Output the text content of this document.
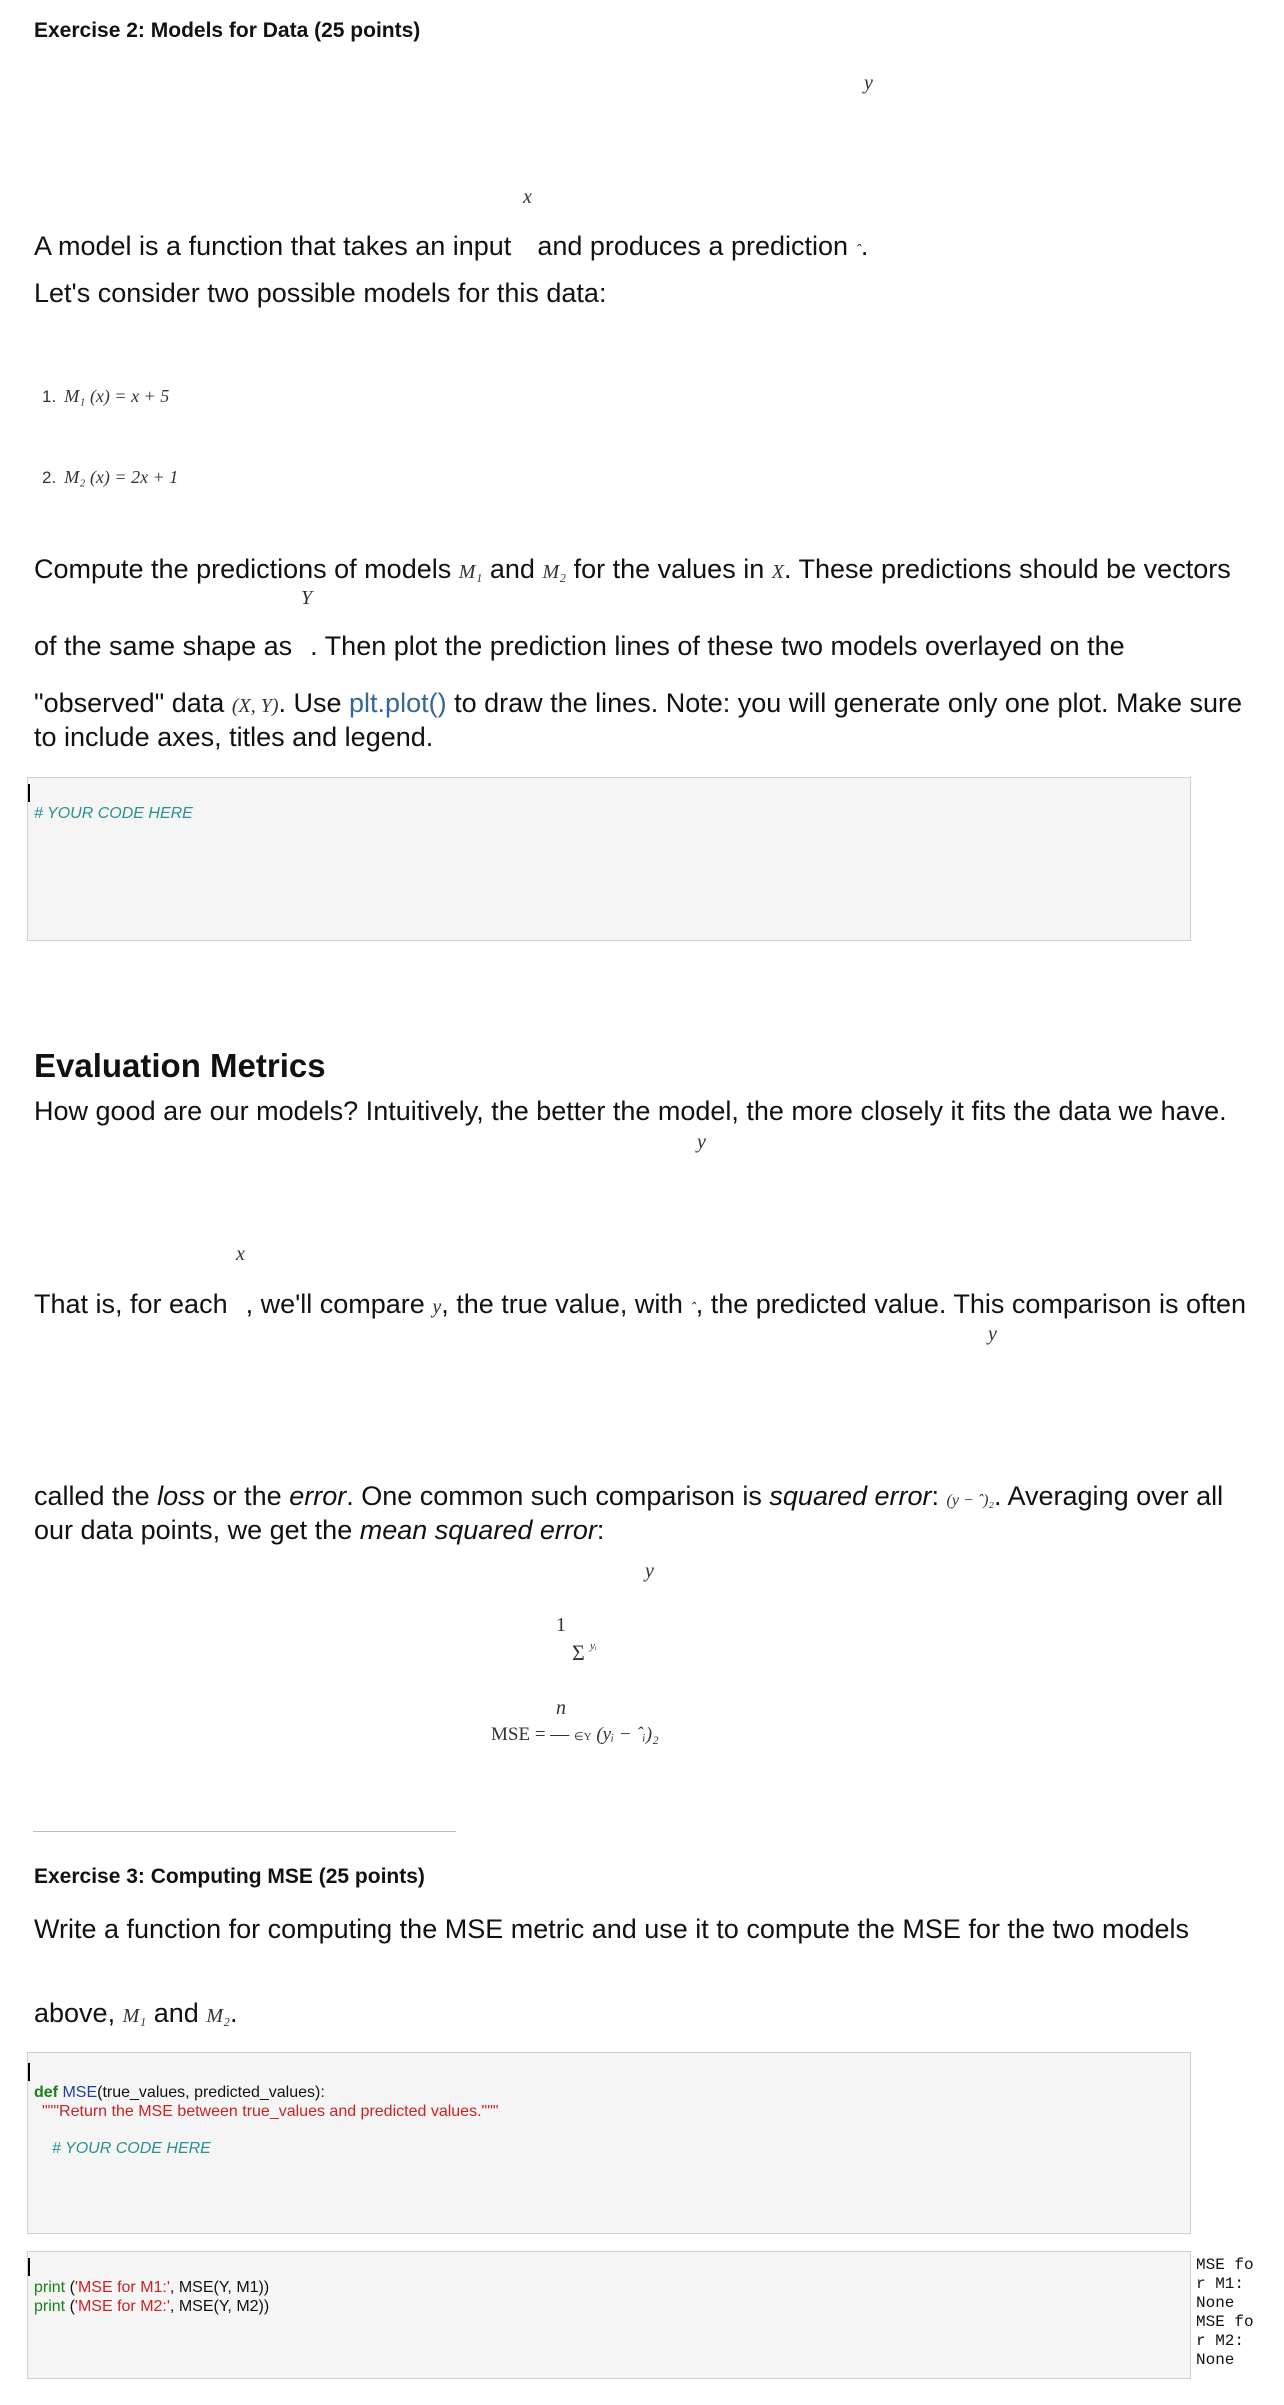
Exercise 2: Models for Data (25 points)
y
x
A model is a function that takes an input and produces a prediction ˆ.
Let's consider two possible models for this data:
1. M₁ (x) = x + 5
2. M₂ (x) = 2x + 1
Compute the predictions of models M₁ and M₂ for the values in X. These predictions should be vectors
Y
of the same shape as . Then plot the prediction lines of these two models overlayed on the
"observed" data (X, Y). Use plt.plot() to draw the lines. Note: you will generate only one plot. Make sure
to include axes, titles and legend.
# YOUR CODE HERE
Evaluation Metrics
How good are our models? Intuitively, the better the model, the more closely it fits the data we have.
y
x
That is, for each , we'll compare y, the true value, with ˆ, the predicted value. This comparison is often
y
called the loss or the error. One common such comparison is squared error: (y − ˆ)₂. Averaging over all
our data points, we get the mean squared error:
y
1
Σ yᵢ
n
MSE = — ∈Y (yᵢ − ˆᵢ)₂
Exercise 3: Computing MSE (25 points)
Write a function for computing the MSE metric and use it to compute the MSE for the two models
above, M₁ and M₂.
def MSE(true_values, predicted_values):
"""Return the MSE between true_values and predicted values."""
# YOUR CODE HERE
print ('MSE for M1:', MSE(Y, M1))
print ('MSE for M2:', MSE(Y, M2))
MSE fo
r M1:
None
MSE fo
r M2:
None
